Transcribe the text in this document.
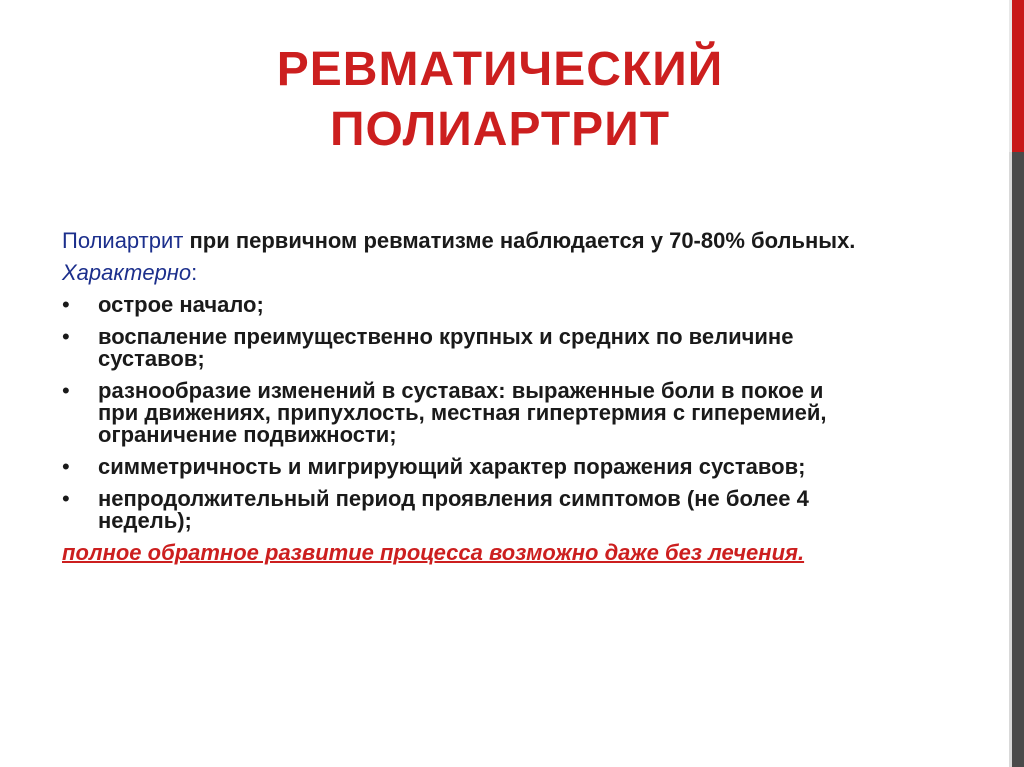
РЕВМАТИЧЕСКИЙ
ПОЛИАРТРИТ

Полиартрит при первичном ревматизме наблюдается у 70-80% больных.

Характерно:

• острое начало;
• воспаление преимущественно крупных и средних по величине суставов;
• разнообразие изменений в суставах: выраженные боли в покое и при движениях, припухлость, местная гипертермия с гиперемией, ограничение подвижности;
• симметричность и мигрирующий характер поражения суставов;
• непродолжительный период проявления симптомов (не более 4 недель);

полное обратное развитие процесса возможно даже без лечения.
